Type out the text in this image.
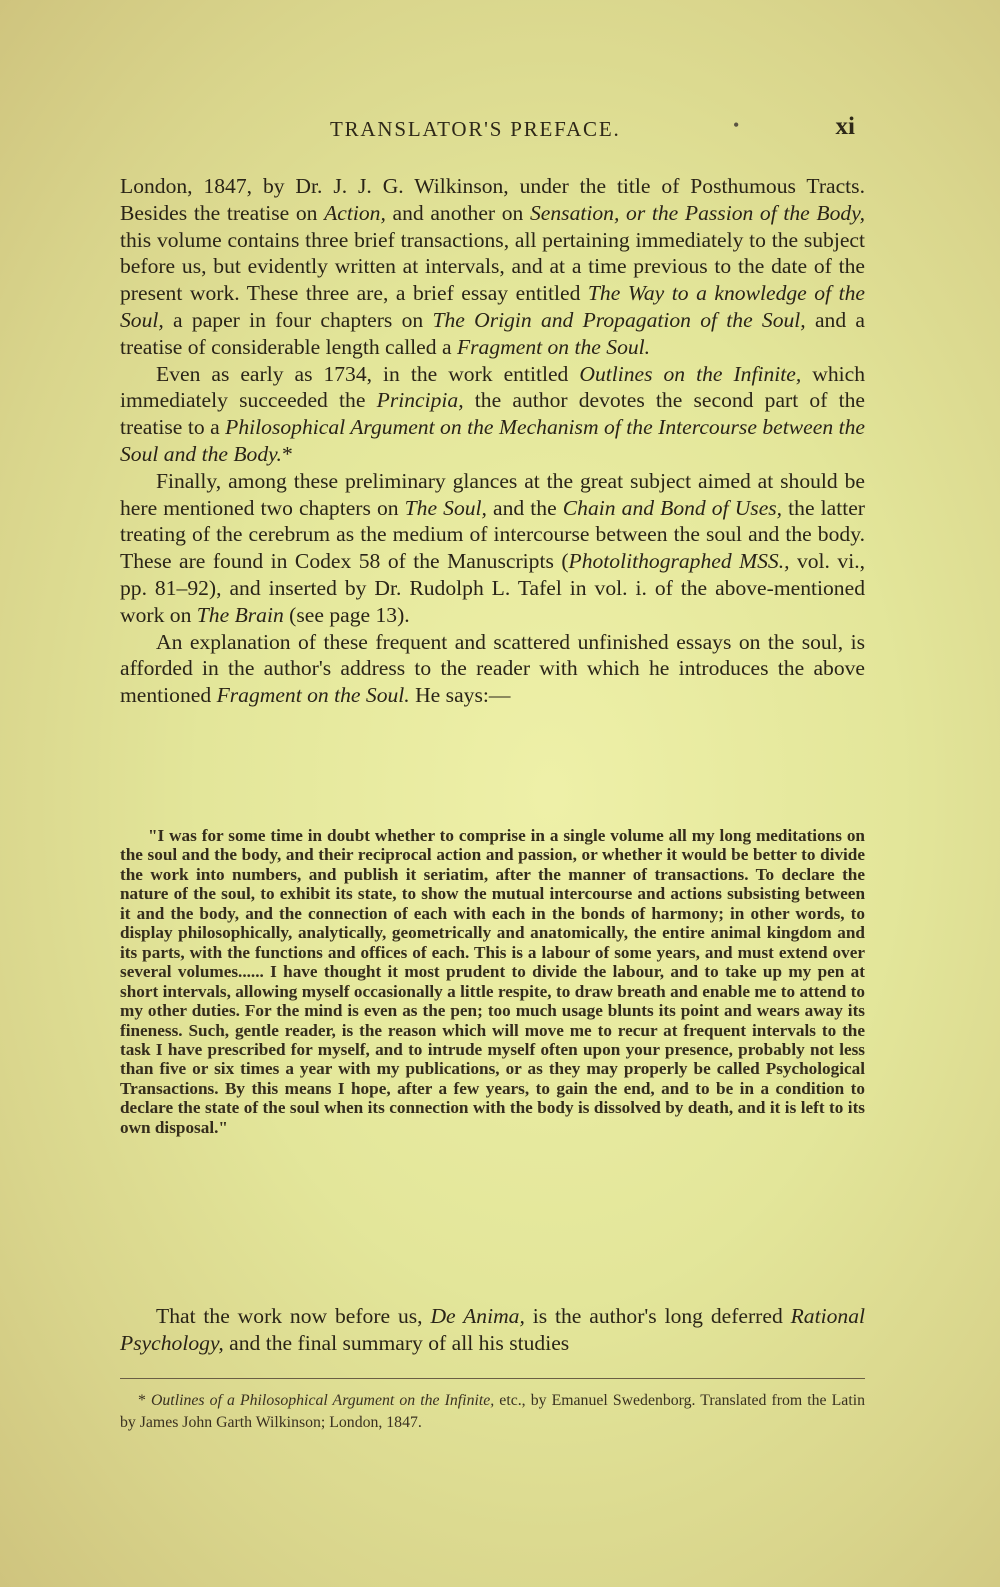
TRANSLATOR'S PREFACE.	•	xi

London, 1847, by Dr. J. J. G. Wilkinson, under the title of Posthumous Tracts. Besides the treatise on Action, and another on Sensation, or the Passion of the Body, this volume contains three brief transactions, all pertaining immediately to the subject before us, but evidently written at intervals, and at a time previous to the date of the present work. These three are, a brief essay entitled The Way to a knowledge of the Soul, a paper in four chapters on The Origin and Propagation of the Soul, and a treatise of considerable length called a Fragment on the Soul.

Even as early as 1734, in the work entitled Outlines on the Infinite, which immediately succeeded the Principia, the author devotes the second part of the treatise to a Philosophical Argument on the Mechanism of the Intercourse between the Soul and the Body.*

Finally, among these preliminary glances at the great subject aimed at should be here mentioned two chapters on The Soul, and the Chain and Bond of Uses, the latter treating of the cerebrum as the medium of intercourse between the soul and the body. These are found in Codex 58 of the Manuscripts (Photolithographed MSS., vol. vi., pp. 81–92), and inserted by Dr. Rudolph L. Tafel in vol. i. of the above-mentioned work on The Brain (see page 13).

An explanation of these frequent and scattered unfinished essays on the soul, is afforded in the author's address to the reader with which he introduces the above mentioned Fragment on the Soul. He says:—

"I was for some time in doubt whether to comprise in a single volume all my long meditations on the soul and the body, and their reciprocal action and passion, or whether it would be better to divide the work into numbers, and publish it seriatim, after the manner of transactions. To declare the nature of the soul, to exhibit its state, to show the mutual intercourse and actions subsisting between it and the body, and the connection of each with each in the bonds of harmony; in other words, to display philosophically, analytically, geometrically and anatomically, the entire animal kingdom and its parts, with the functions and offices of each. This is a labour of some years, and must extend over several volumes...... I have thought it most prudent to divide the labour, and to take up my pen at short intervals, allowing myself occasionally a little respite, to draw breath and enable me to attend to my other duties. For the mind is even as the pen; too much usage blunts its point and wears away its fineness. Such, gentle reader, is the reason which will move me to recur at frequent intervals to the task I have prescribed for myself, and to intrude myself often upon your presence, probably not less than five or six times a year with my publications, or as they may properly be called Psychological Transactions. By this means I hope, after a few years, to gain the end, and to be in a condition to declare the state of the soul when its connection with the body is dissolved by death, and it is left to its own disposal."

That the work now before us, De Anima, is the author's long deferred Rational Psychology, and the final summary of all his studies

* Outlines of a Philosophical Argument on the Infinite, etc., by Emanuel Swedenborg. Translated from the Latin by James John Garth Wilkinson; London, 1847.
